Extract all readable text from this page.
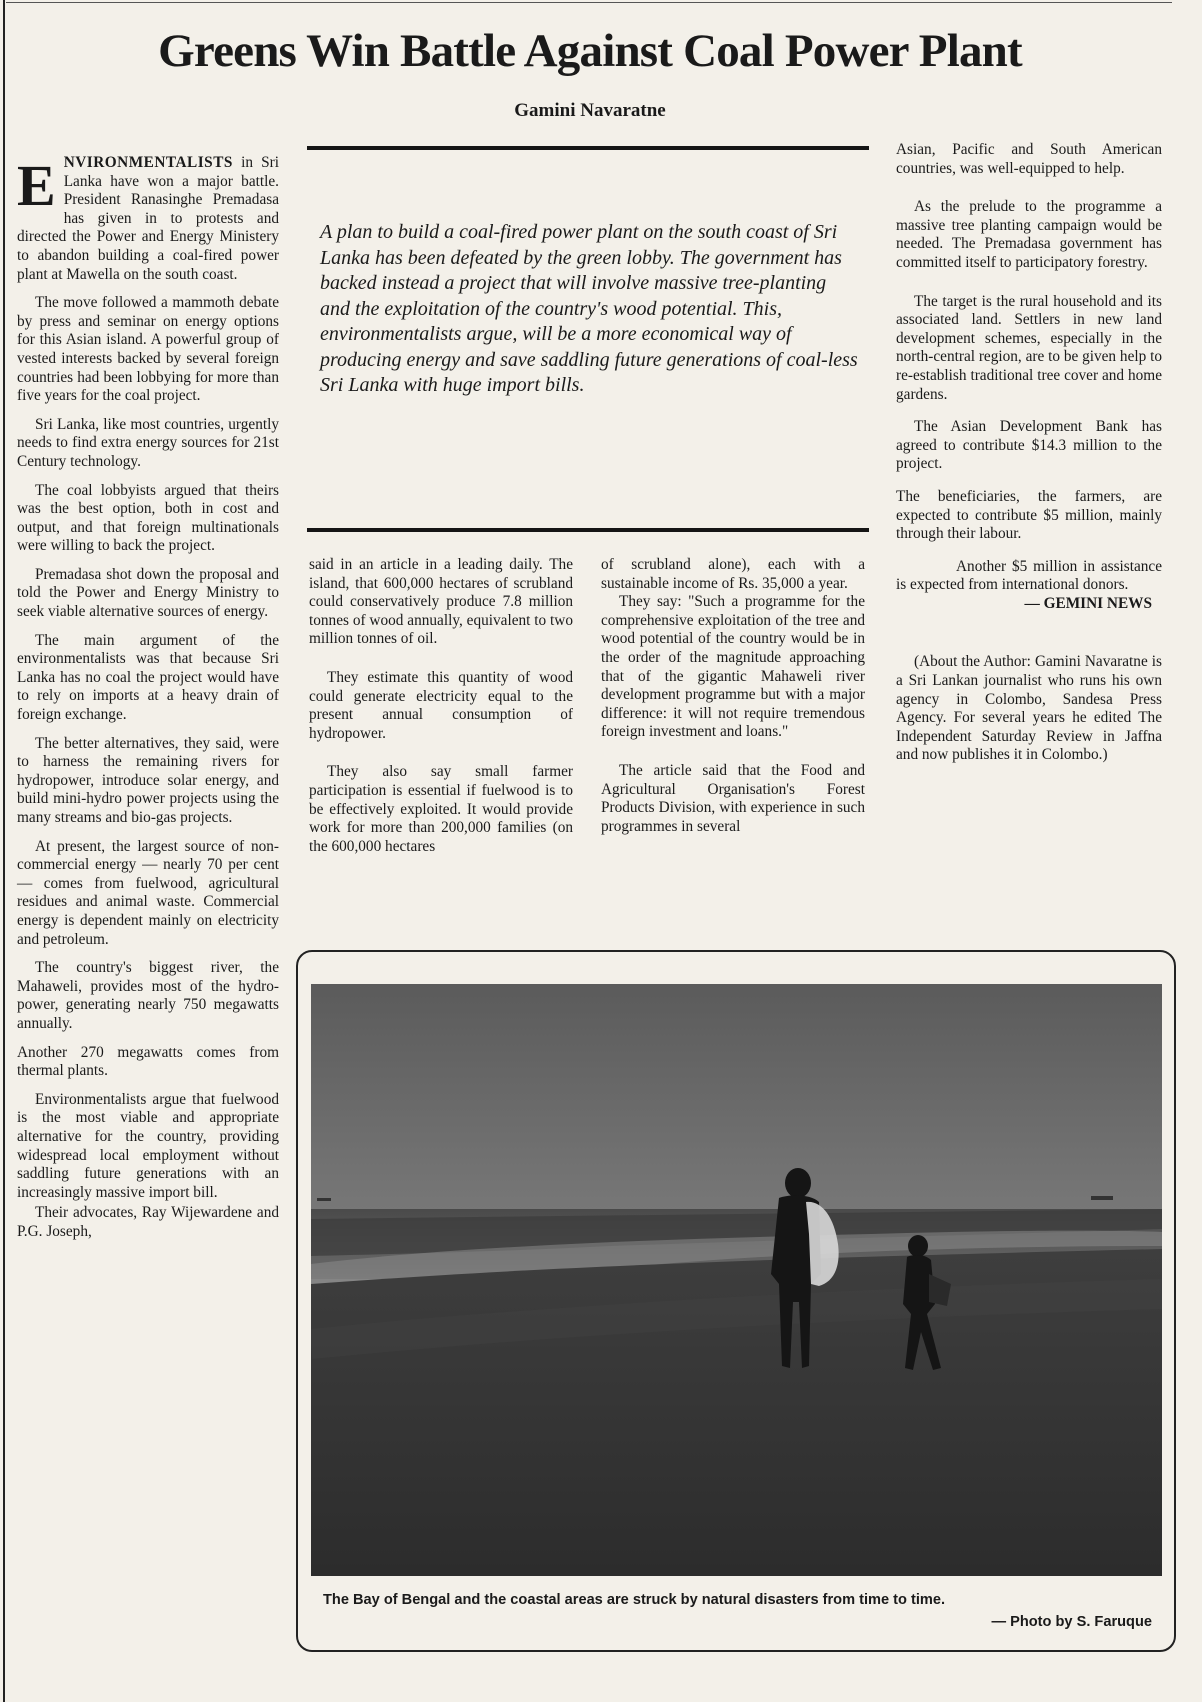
Greens Win Battle Against Coal Power Plant

Gamini Navaratne

A plan to build a coal-fired power plant on the south coast of Sri Lanka has been defeated by the green lobby. The government has backed instead a project that will involve massive tree-planting and the exploitation of the country's wood potential. This, environmentalists argue, will be a more economical way of producing energy and save saddling future generations of coal-less Sri Lanka with huge import bills.

ENVIRONMENTALISTS in Sri Lanka have won a major battle. President Ranasinghe Premadasa has given in to protests and directed the Power and Energy Ministery to abandon building a coal-fired power plant at Mawella on the south coast.

The move followed a mammoth debate by press and seminar on energy options for this Asian island. A powerful group of vested interests backed by several foreign countries had been lobbying for more than five years for the coal project.

Sri Lanka, like most countries, urgently needs to find extra energy sources for 21st Century technology.

The coal lobbyists argued that theirs was the best option, both in cost and output, and that foreign multinationals were willing to back the project.

Premadasa shot down the proposal and told the Power and Energy Ministry to seek viable alternative sources of energy.

The main argument of the environmentalists was that because Sri Lanka has no coal the project would have to rely on imports at a heavy drain of foreign exchange.

The better alternatives, they said, were to harness the remaining rivers for hydropower, introduce solar energy, and build mini-hydro power projects using the many streams and bio-gas projects.

At present, the largest source of non-commercial energy — nearly 70 per cent — comes from fuelwood, agricultural residues and animal waste. Commercial energy is dependent mainly on electricity and petroleum.

The country's biggest river, the Mahaweli, provides most of the hydro-power, generating nearly 750 megawatts annually.

Another 270 megawatts comes from thermal plants.

Environmentalists argue that fuelwood is the most viable and appropriate alternative for the country, providing widespread local employment without saddling future generations with an increasingly massive import bill.

Their advocates, Ray Wijewardene and P.G. Joseph,

said in an article in a leading daily. The island, that 600,000 hectares of scrubland could conservatively produce 7.8 million tonnes of wood annually, equivalent to two million tonnes of oil.

They estimate this quantity of wood could generate electricity equal to the present annual consumption of hydropower.

They also say small farmer participation is essential if fuelwood is to be effectively exploited. It would provide work for more than 200,000 families (on the 600,000 hectares

of scrubland alone), each with a sustainable income of Rs. 35,000 a year.

They say: "Such a programme for the comprehensive exploitation of the tree and wood potential of the country would be in the order of the magnitude approaching that of the gigantic Mahaweli river development programme but with a major difference: it will not require tremendous foreign investment and loans."

The article said that the Food and Agricultural Organisation's Forest Products Division, with experience in such programmes in several

Asian, Pacific and South American countries, was well-equipped to help.

As the prelude to the programme a massive tree planting campaign would be needed. The Premadasa government has committed itself to participatory forestry.

The target is the rural household and its associated land. Settlers in new land development schemes, especially in the north-central region, are to be given help to re-establish traditional tree cover and home gardens.

The Asian Development Bank has agreed to contribute $14.3 million to the project.

The beneficiaries, the farmers, are expected to contribute $5 million, mainly through their labour.

Another $5 million in assistance is expected from international donors.

— GEMINI NEWS

(About the Author: Gamini Navaratne is a Sri Lankan journalist who runs his own agency in Colombo, Sandesa Press Agency. For several years he edited The Independent Saturday Review in Jaffna and now publishes it in Colombo.)

The Bay of Bengal and the coastal areas are struck by natural disasters from time to time.

— Photo by S. Faruque
